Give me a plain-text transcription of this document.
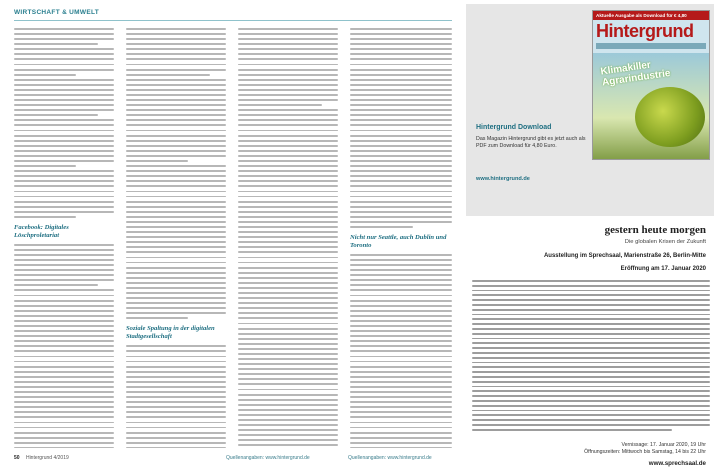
WIRTSCHAFT & UMWELT
Facebook: Digitales Löschproletariat
Soziale Spaltung in der digitalen Stadtgesellschaft
Nicht nur Seattle, auch Dublin und Toronto
50 Hintergrund 4/2019	Quellenangaben: www.hintergrund.de	Quellenangaben: www.hintergrund.de
Aktuelle Ausgabe als Download für € 4,80
Hintergrund
Klimakiller Agrarindustrie
Hintergrund Download
Das Magazin Hintergrund gibt es jetzt auch als PDF zum Download für 4,80 Euro.
www.hintergrund.de
gestern heute morgen
Die globalen Krisen der Zukunft
Ausstellung im Sprechsaal, Marienstraße 26, Berlin-Mitte
Eröffnung am 17. Januar 2020
Vernissage: 17. Januar 2020, 19 Uhr
Öffnungszeiten: Mittwoch bis Samstag, 14 bis 22 Uhr
www.sprechsaal.de
